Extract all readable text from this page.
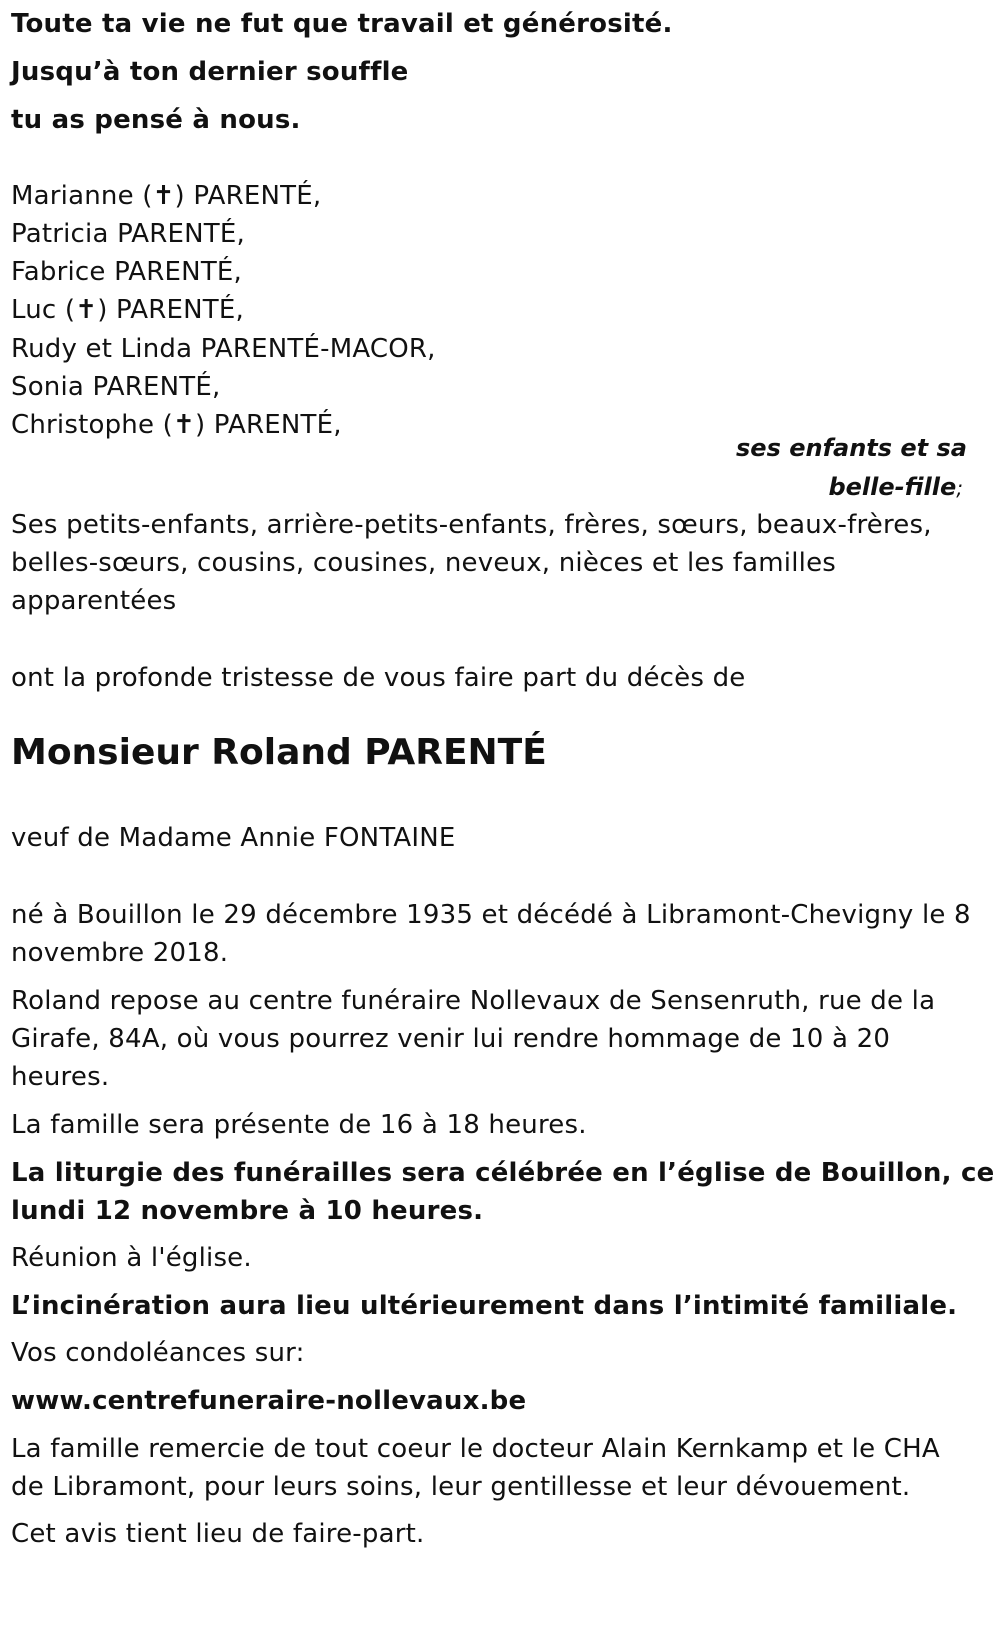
Toute ta vie ne fut que travail et générosité.
Jusqu’à ton dernier souffle
tu as pensé à nous.
Marianne (✝) PARENTÉ,
Patricia PARENTÉ,
Fabrice PARENTÉ,
Luc (✝) PARENTÉ,
Rudy et Linda PARENTÉ-MACOR,
Sonia PARENTÉ,
Christophe (✝) PARENTÉ,
ses enfants et sa
belle-fille;
Ses petits-enfants, arrière-petits-enfants, frères, sœurs, beaux-frères,
belles-sœurs, cousins, cousines, neveux, nièces et les familles
apparentées
ont la profonde tristesse de vous faire part du décès de
Monsieur Roland PARENTÉ
veuf de Madame Annie FONTAINE
né à Bouillon le 29 décembre 1935 et décédé à Libramont-Chevigny le 8
novembre 2018.
Roland repose au centre funéraire Nollevaux de Sensenruth, rue de la
Girafe, 84A, où vous pourrez venir lui rendre hommage de 10 à 20
heures.
La famille sera présente de 16 à 18 heures.
La liturgie des funérailles sera célébrée en l’église de Bouillon, ce
lundi 12 novembre à 10 heures.
Réunion à l'église.
L’incinération aura lieu ultérieurement dans l’intimité familiale.
Vos condoléances sur:
www.centrefuneraire-nollevaux.be
La famille remercie de tout coeur le docteur Alain Kernkamp et le CHA
de Libramont, pour leurs soins, leur gentillesse et leur dévouement.
Cet avis tient lieu de faire-part.
